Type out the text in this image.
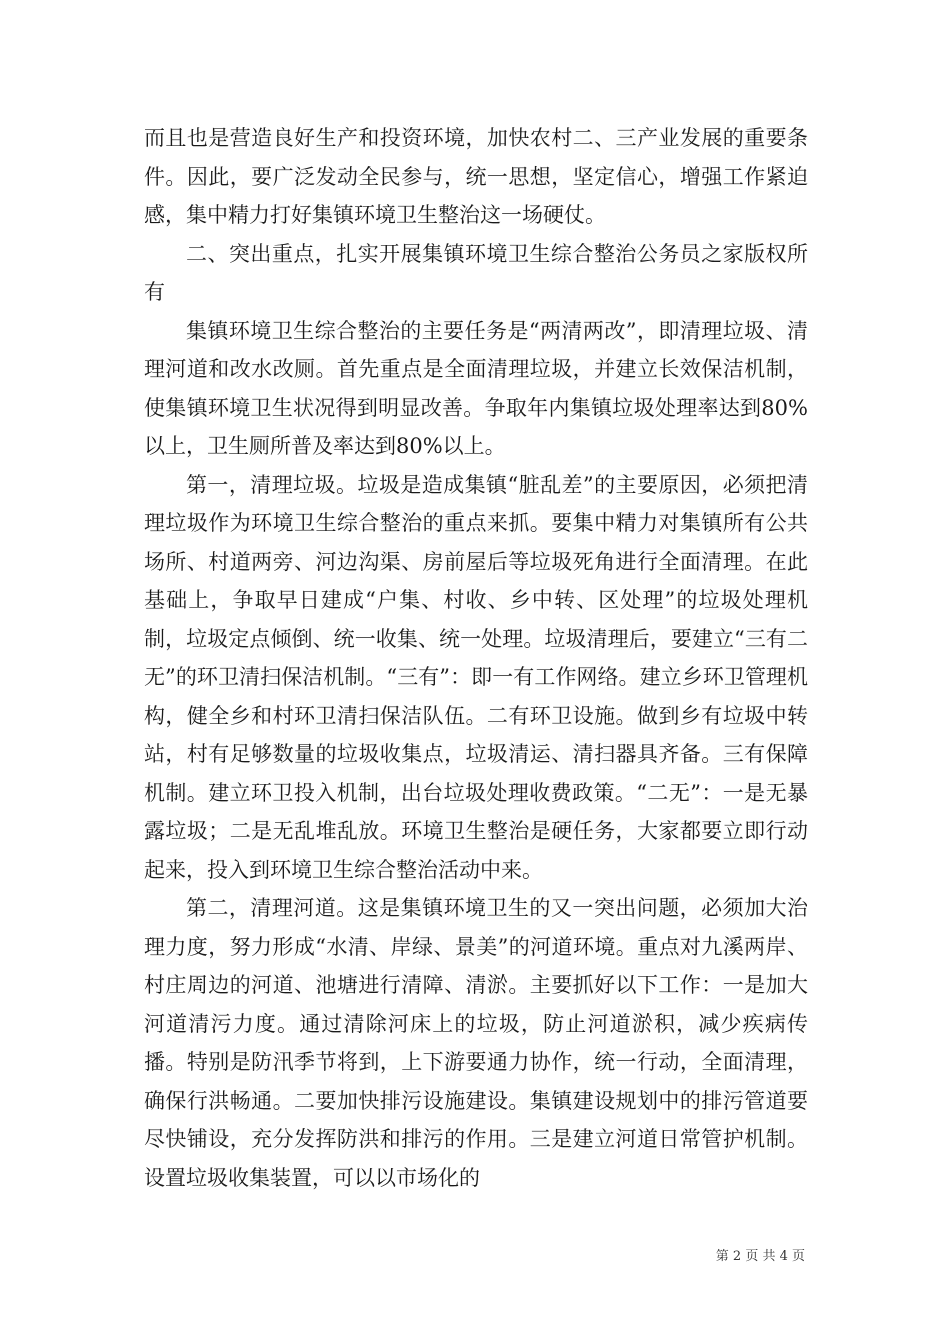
而且也是营造良好生产和投资环境，加快农村二、三产业发展的重要条件。因此，要广泛发动全民参与，统一思想，坚定信心，增强工作紧迫感，集中精力打好集镇环境卫生整治这一场硬仗。

二、突出重点，扎实开展集镇环境卫生综合整治公务员之家版权所有

集镇环境卫生综合整治的主要任务是“两清两改”，即清理垃圾、清理河道和改水改厕。首先重点是全面清理垃圾，并建立长效保洁机制，使集镇环境卫生状况得到明显改善。争取年内集镇垃圾处理率达到80%以上，卫生厕所普及率达到80%以上。

第一，清理垃圾。垃圾是造成集镇“脏乱差”的主要原因，必须把清理垃圾作为环境卫生综合整治的重点来抓。要集中精力对集镇所有公共场所、村道两旁、河边沟渠、房前屋后等垃圾死角进行全面清理。在此基础上，争取早日建成“户集、村收、乡中转、区处理”的垃圾处理机制，垃圾定点倾倒、统一收集、统一处理。垃圾清理后，要建立“三有二无”的环卫清扫保洁机制。“三有”：即一有工作网络。建立乡环卫管理机构，健全乡和村环卫清扫保洁队伍。二有环卫设施。做到乡有垃圾中转站，村有足够数量的垃圾收集点，垃圾清运、清扫器具齐备。三有保障机制。建立环卫投入机制，出台垃圾处理收费政策。“二无”：一是无暴露垃圾；二是无乱堆乱放。环境卫生整治是硬任务，大家都要立即行动起来，投入到环境卫生综合整治活动中来。

第二，清理河道。这是集镇环境卫生的又一突出问题，必须加大治理力度，努力形成“水清、岸绿、景美”的河道环境。重点对九溪两岸、村庄周边的河道、池塘进行清障、清淤。主要抓好以下工作：一是加大河道清污力度。通过清除河床上的垃圾，防止河道淤积，减少疾病传播。特别是防汛季节将到，上下游要通力协作，统一行动，全面清理，确保行洪畅通。二要加快排污设施建设。集镇建设规划中的排污管道要尽快铺设，充分发挥防洪和排污的作用。三是建立河道日常管护机制。设置垃圾收集装置，可以以市场化的

第 2 页 共 4 页
